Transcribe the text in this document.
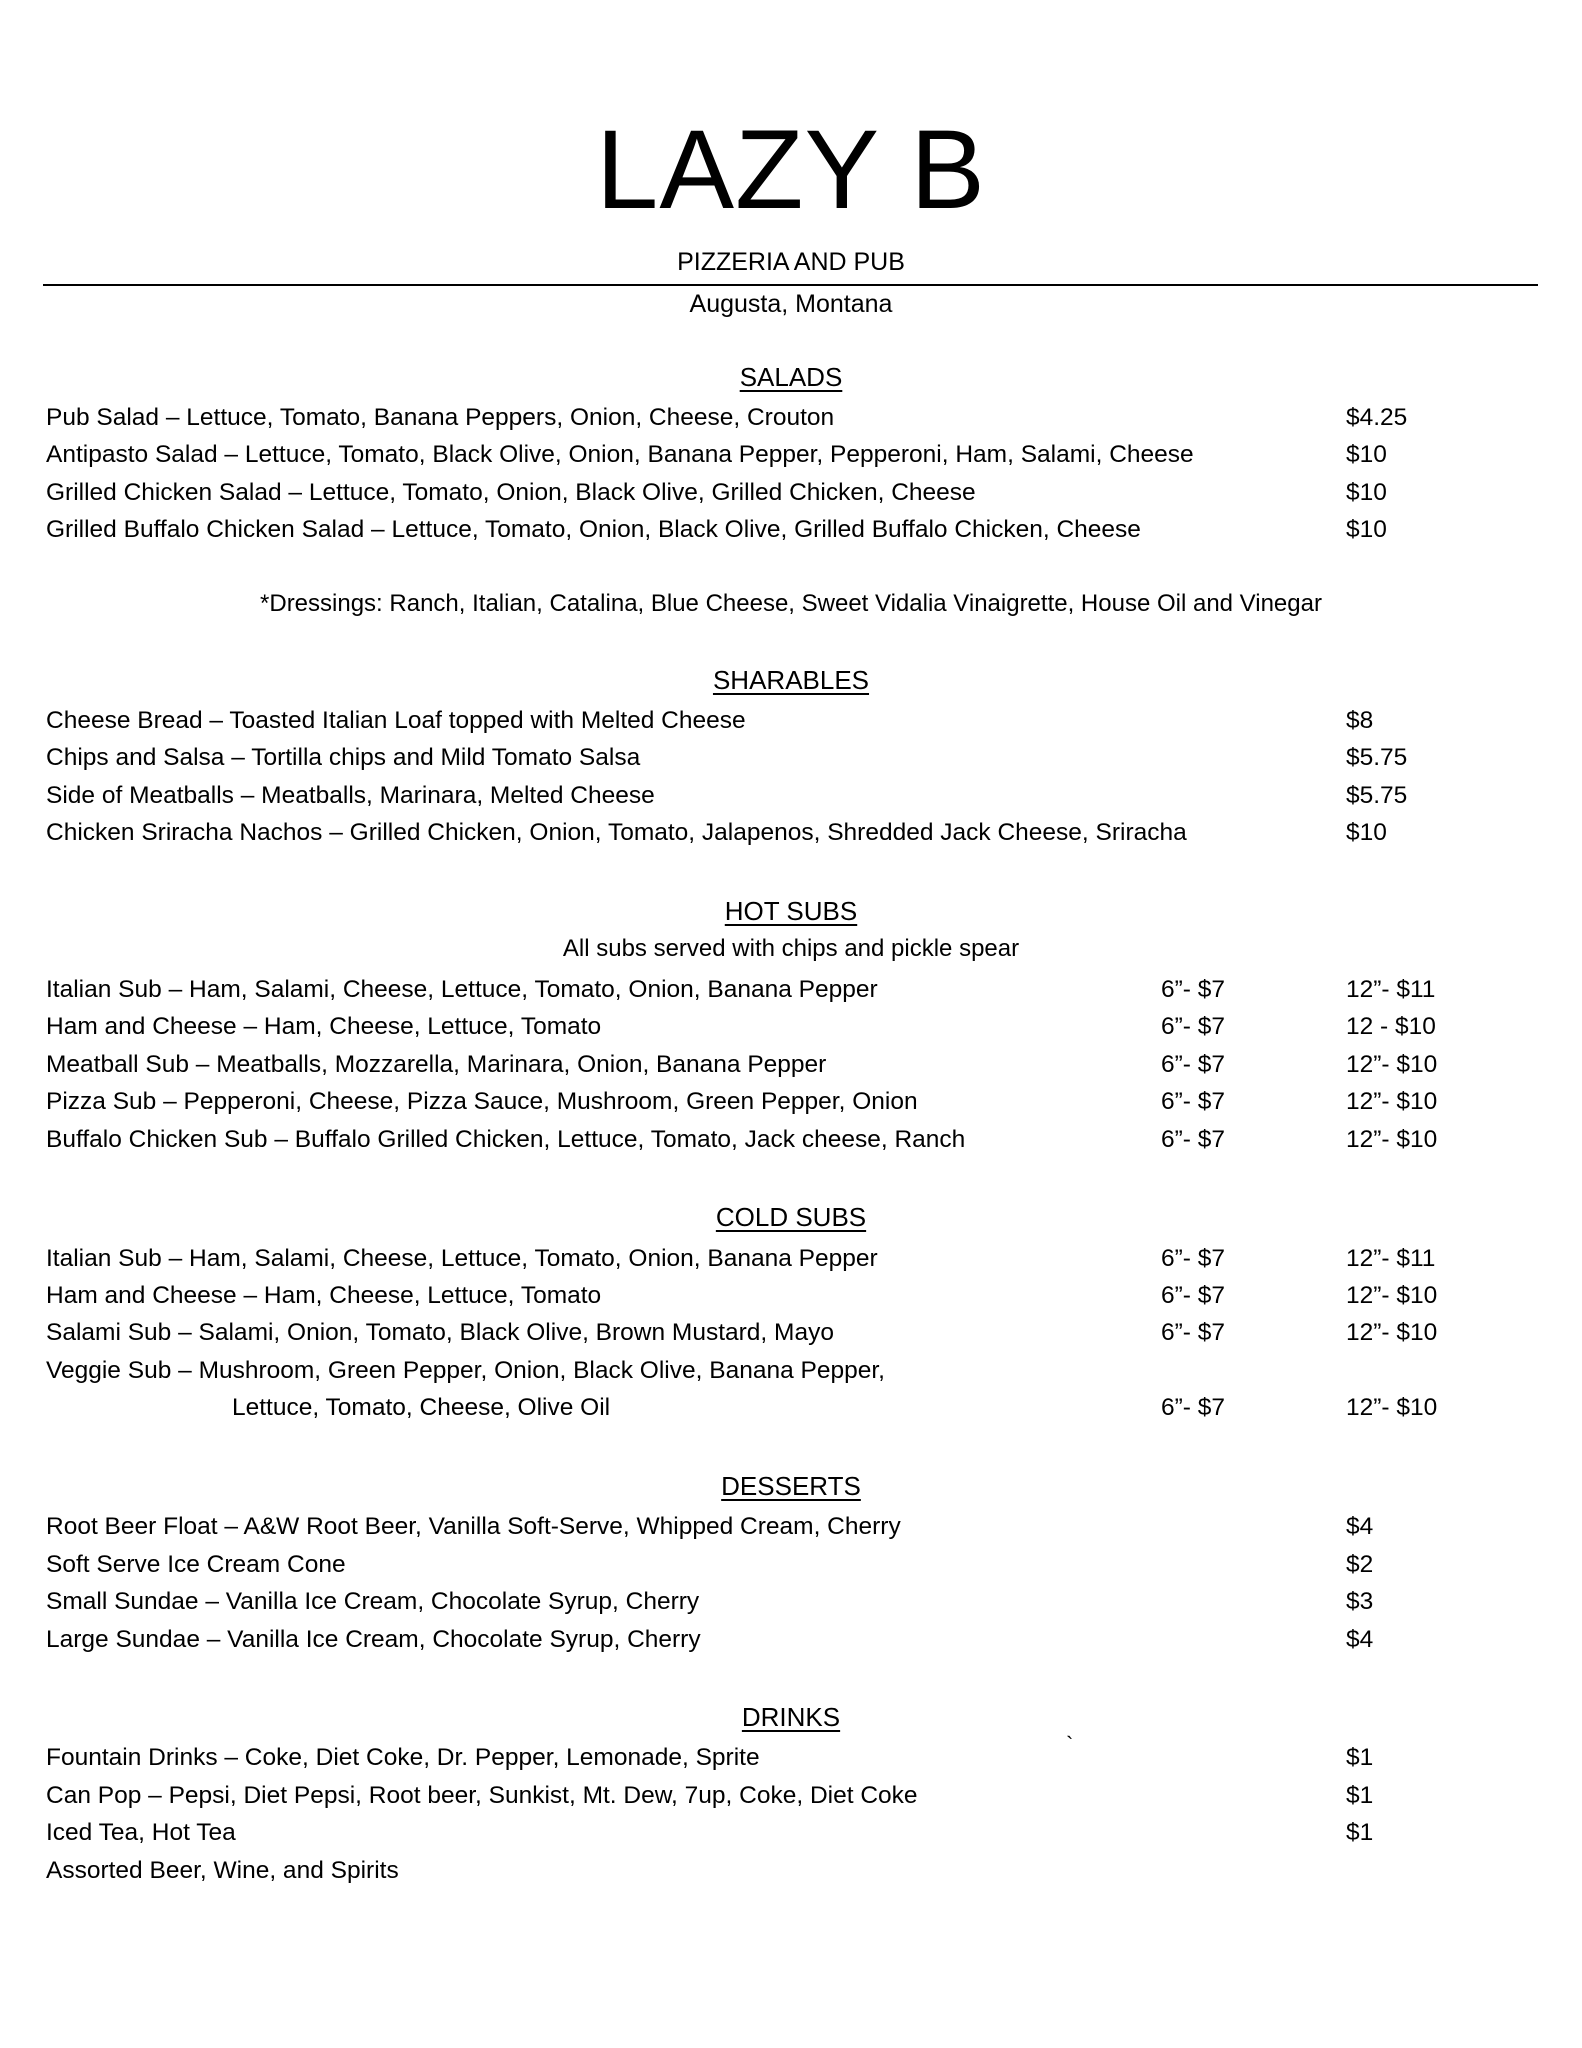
LAZY B
PIZZERIA AND PUB
Augusta, Montana
SALADS
Pub Salad – Lettuce, Tomato, Banana Peppers, Onion, Cheese, Crouton	$4.25
Antipasto Salad – Lettuce, Tomato, Black Olive, Onion, Banana Pepper, Pepperoni, Ham, Salami, Cheese	$10
Grilled Chicken Salad – Lettuce, Tomato, Onion, Black Olive, Grilled Chicken, Cheese	$10
Grilled Buffalo Chicken Salad – Lettuce, Tomato, Onion, Black Olive, Grilled Buffalo Chicken, Cheese	$10
*Dressings: Ranch, Italian, Catalina, Blue Cheese, Sweet Vidalia Vinaigrette, House Oil and Vinegar
SHARABLES
Cheese Bread – Toasted Italian Loaf topped with Melted Cheese	$8
Chips and Salsa – Tortilla chips and Mild Tomato Salsa	$5.75
Side of Meatballs – Meatballs, Marinara, Melted Cheese	$5.75
Chicken Sriracha Nachos – Grilled Chicken, Onion, Tomato, Jalapenos, Shredded Jack Cheese, Sriracha	$10
HOT SUBS
All subs served with chips and pickle spear
Italian Sub – Ham, Salami, Cheese, Lettuce, Tomato, Onion, Banana Pepper	6”- $7	12”- $11
Ham and Cheese – Ham, Cheese, Lettuce, Tomato	6”- $7	12 - $10
Meatball Sub – Meatballs, Mozzarella, Marinara, Onion, Banana Pepper	6”- $7	12”- $10
Pizza Sub – Pepperoni, Cheese, Pizza Sauce, Mushroom, Green Pepper, Onion	6”- $7	12”- $10
Buffalo Chicken Sub – Buffalo Grilled Chicken, Lettuce, Tomato, Jack cheese, Ranch	6”- $7	12”- $10
COLD SUBS
Italian Sub – Ham, Salami, Cheese, Lettuce, Tomato, Onion, Banana Pepper	6”- $7	12”- $11
Ham and Cheese – Ham, Cheese, Lettuce, Tomato	6”- $7	12”- $10
Salami Sub – Salami, Onion, Tomato, Black Olive, Brown Mustard, Mayo	6”- $7	12”- $10
Veggie Sub – Mushroom, Green Pepper, Onion, Black Olive, Banana Pepper,
Lettuce, Tomato, Cheese, Olive Oil	6”- $7	12”- $10
DESSERTS
Root Beer Float – A&W Root Beer, Vanilla Soft-Serve, Whipped Cream, Cherry	$4
Soft Serve Ice Cream Cone	$2
Small Sundae – Vanilla Ice Cream, Chocolate Syrup, Cherry	$3
Large Sundae – Vanilla Ice Cream, Chocolate Syrup, Cherry	$4
DRINKS
`
Fountain Drinks – Coke, Diet Coke, Dr. Pepper, Lemonade, Sprite	$1
Can Pop – Pepsi, Diet Pepsi, Root beer, Sunkist, Mt. Dew, 7up, Coke, Diet Coke	$1
Iced Tea, Hot Tea	$1
Assorted Beer, Wine, and Spirits
